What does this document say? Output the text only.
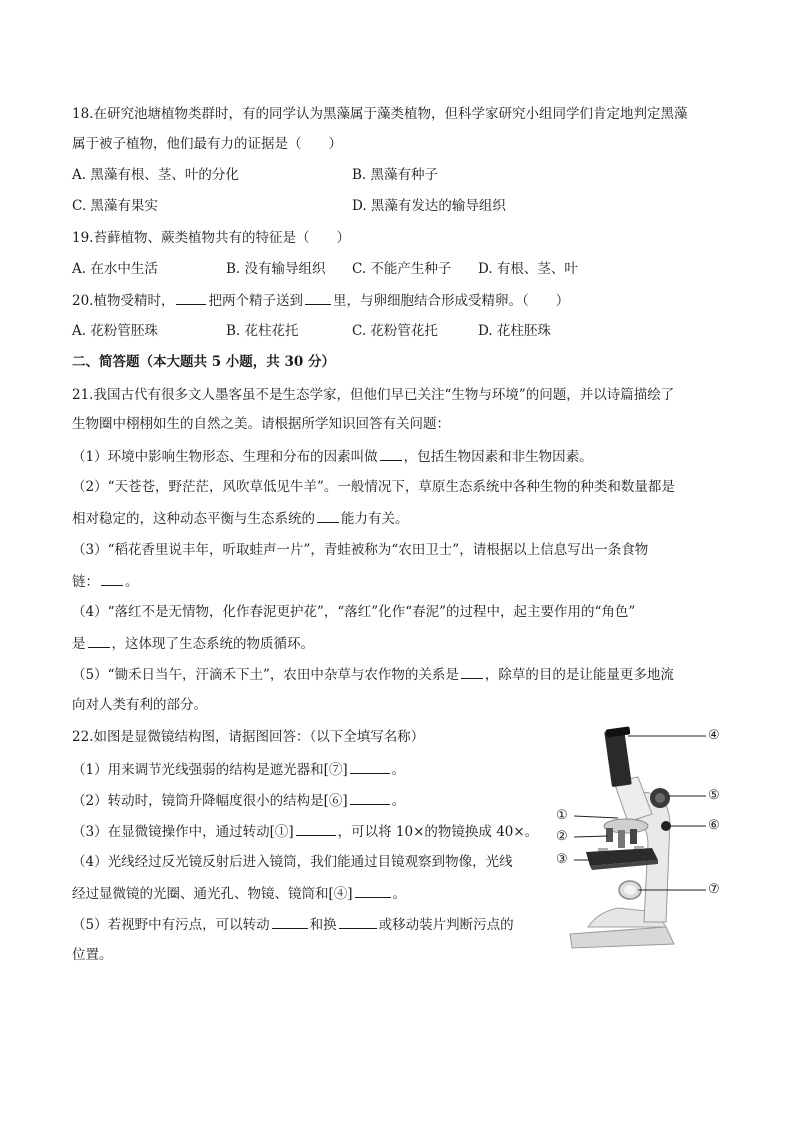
18.在研究池塘植物类群时，有的同学认为黑藻属于藻类植物，但科学家研究小组同学们肯定地判定黑藻
属于被子植物，他们最有力的证据是（　　）
A. 黑藻有根、茎、叶的分化	B. 黑藻有种子
C. 黑藻有果实	D. 黑藻有发达的输导组织
19.苔藓植物、蕨类植物共有的特征是（　　）
A. 在水中生活	B. 没有输导组织 C. 不能产生种子 D. 有根、茎、叶
20.植物受精时，	把两个精子送到 里，与卵细胞结合形成受精卵。（　　）
A. 花粉管胚珠	B. 花柱花托	C. 花粉管花托	D. 花柱胚珠
二、简答题（本大题共 5 小题，共 30 分）
21.我国古代有很多文人墨客虽不是生态学家，但他们早已关注“生物与环境”的问题，并以诗篇描绘了
生物圈中栩栩如生的自然之美。请根据所学知识回答有关问题：
（1）环境中影响生物形态、生理和分布的因素叫做 ，包括生物因素和非生物因素。
（2）“天苍苍，野茫茫，风吹草低见牛羊”。一般情况下，草原生态系统中各种生物的种类和数量都是
相对稳定的，这种动态平衡与生态系统的 能力有关。
（3）“稻花香里说丰年，听取蛙声一片”，青蛙被称为“农田卫士”，请根据以上信息写出一条食物
链： 。
（4）“落红不是无情物，化作春泥更护花”，“落红”化作“春泥”的过程中，起主要作用的“角色”
是 ，这体现了生态系统的物质循环。
（5）“锄禾日当午，汗滴禾下土”，农田中杂草与农作物的关系是 ，除草的目的是让能量更多地流
向对人类有利的部分。
22.如图是显微镜结构图，请据图回答：（以下全填写名称）
（1）用来调节光线强弱的结构是遮光器和[⑦]	。
（2）转动时，镜筒升降幅度很小的结构是[⑥]	。
（3）在显微镜操作中，通过转动[①]	，可以将 10×的物镜换成 40×。
（4）光线经过反光镜反射后进入镜筒，我们能通过目镜观察到物像，光线
经过显微镜的光圈、通光孔、物镜、镜筒和[④]	。
（5）若视野中有污点，可以转动	和换	或移动装片判断污点的
位置。
④
⑤
①
⑥
②
③
⑦
